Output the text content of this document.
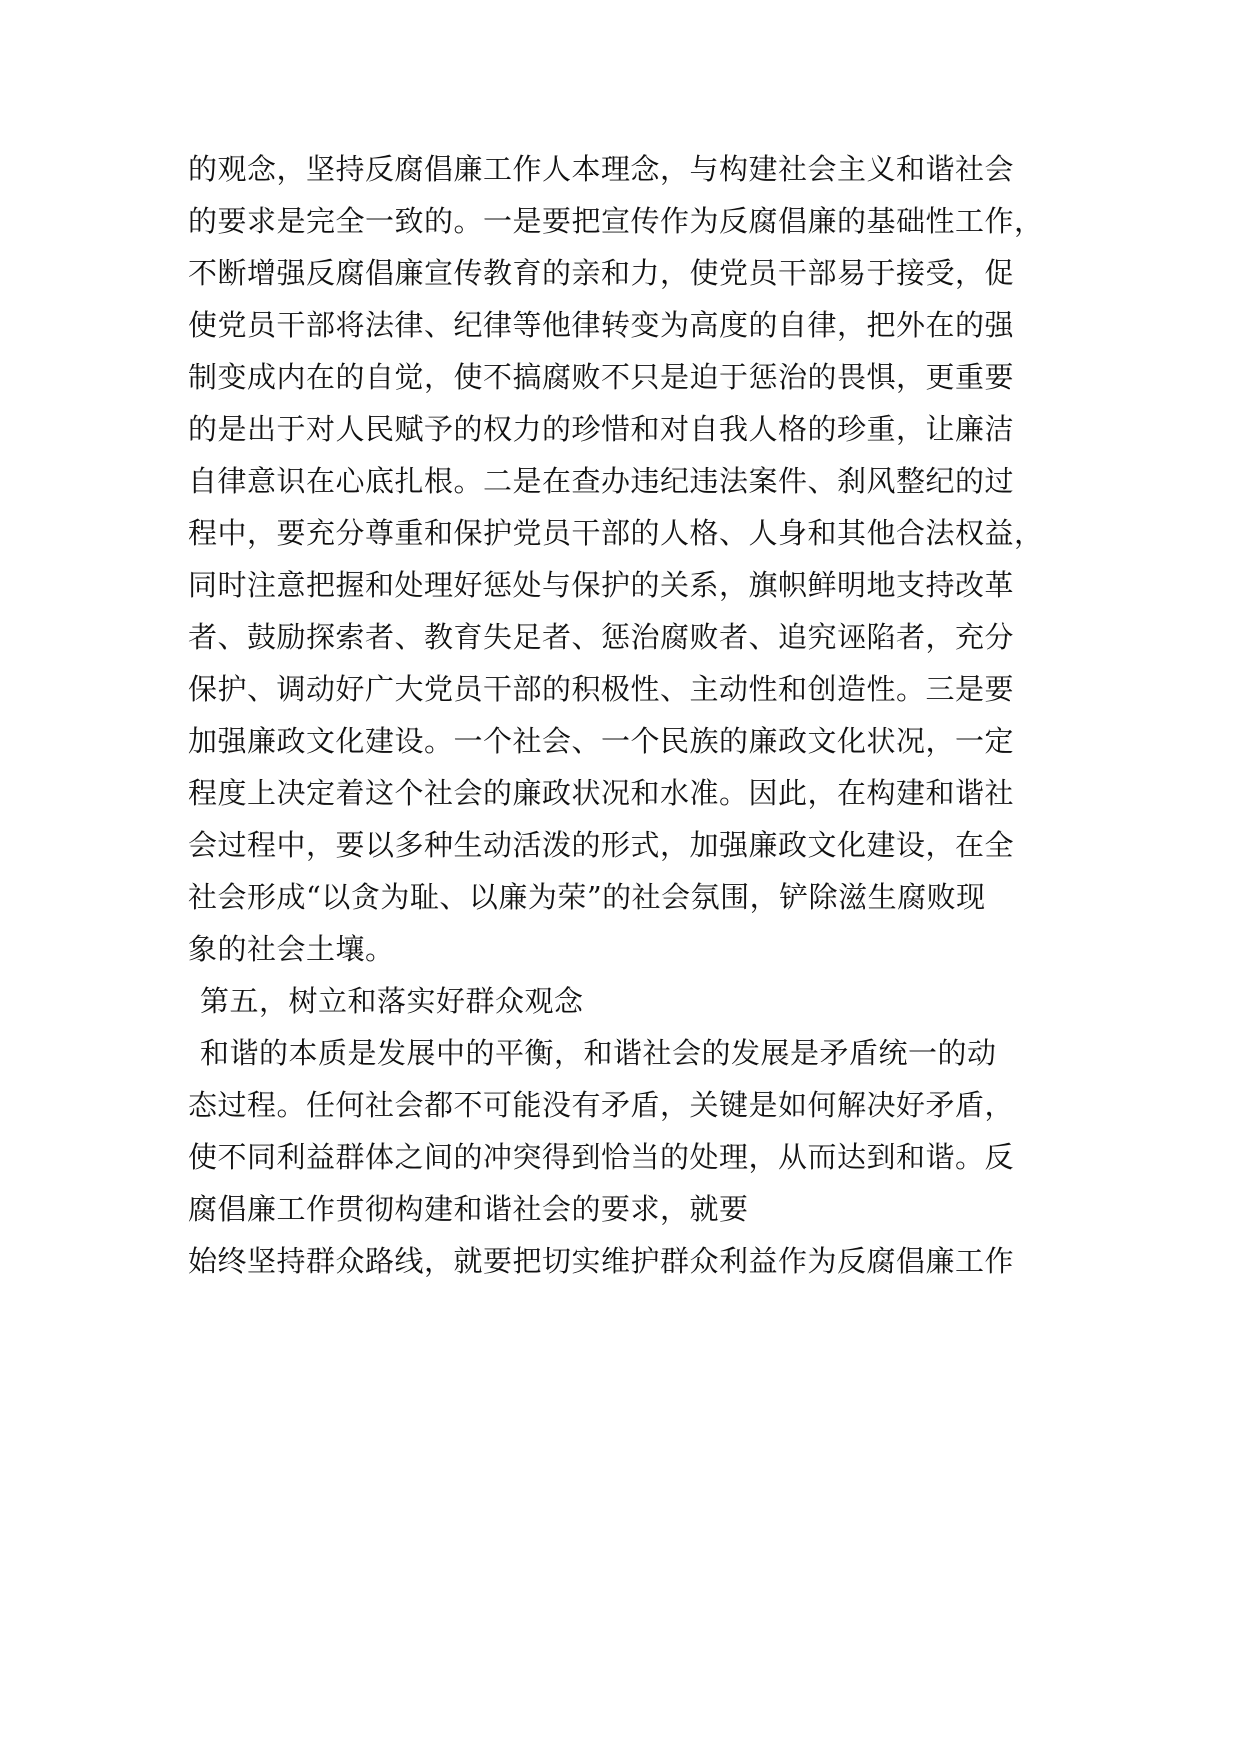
的观念，坚持反腐倡廉工作人本理念，与构建社会主义和谐社会
的要求是完全一致的。一是要把宣传作为反腐倡廉的基础性工作，
不断增强反腐倡廉宣传教育的亲和力，使党员干部易于接受，促
使党员干部将法律、纪律等他律转变为高度的自律，把外在的强
制变成内在的自觉，使不搞腐败不只是迫于惩治的畏惧，更重要
的是出于对人民赋予的权力的珍惜和对自我人格的珍重，让廉洁
自律意识在心底扎根。二是在查办违纪违法案件、刹风整纪的过
程中，要充分尊重和保护党员干部的人格、人身和其他合法权益，
同时注意把握和处理好惩处与保护的关系，旗帜鲜明地支持改革
者、鼓励探索者、教育失足者、惩治腐败者、追究诬陷者，充分
保护、调动好广大党员干部的积极性、主动性和创造性。三是要
加强廉政文化建设。一个社会、一个民族的廉政文化状况，一定
程度上决定着这个社会的廉政状况和水准。因此，在构建和谐社
会过程中，要以多种生动活泼的形式，加强廉政文化建设，在全
社会形成“以贪为耻、以廉为荣”的社会氛围，铲除滋生腐败现
象的社会土壤。
第五，树立和落实好群众观念
和谐的本质是发展中的平衡，和谐社会的发展是矛盾统一的动
态过程。任何社会都不可能没有矛盾，关键是如何解决好矛盾，
使不同利益群体之间的冲突得到恰当的处理，从而达到和谐。反
腐倡廉工作贯彻构建和谐社会的要求，就要
始终坚持群众路线，就要把切实维护群众利益作为反腐倡廉工作
